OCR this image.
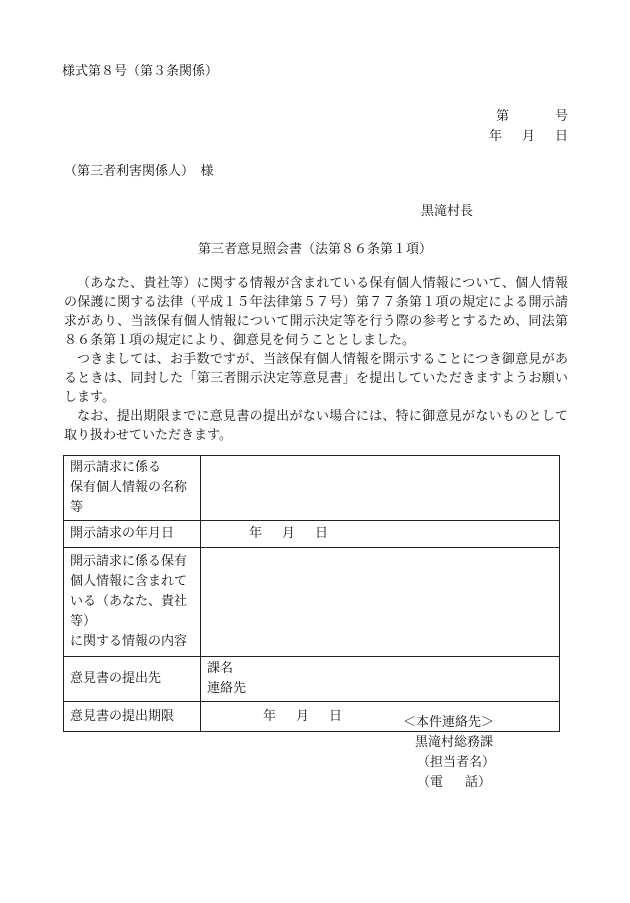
様式第８号（第３条関係）
第	号
年 月 日
（第三者利害関係人）　様
黒滝村長
第三者意見照会書（法第８６条第１項）

（あなた、貴社等）に関する情報が含まれている保有個人情報について、個人情報の保護に関する法律（平成１５年法律第５７号）第７７条第１項の規定による開示請求があり、当該保有個人情報について開示決定等を行う際の参考とするため、同法第８６条第１項の規定により、御意見を伺うこととしました。

つきましては、お手数ですが、当該保有個人情報を開示することにつき御意見があるときは、同封した「第三者開示決定等意見書」を提出していただきますようお願いします。

なお、提出期限までに意見書の提出がない場合には、特に御意見がないものとして取り扱わせていただきます。

開示請求に係る
保有個人情報の名称等	

開示請求の年月日	年 月 日

開示請求に係る保有
個人情報に含まれて
いる（あなた、貴社等）
に関する情報の内容	

意見書の提出先	課名
連絡先

意見書の提出期限	年 月 日	＜本件連絡先＞
黒滝村総務課
（担当者名）
（電 話）
